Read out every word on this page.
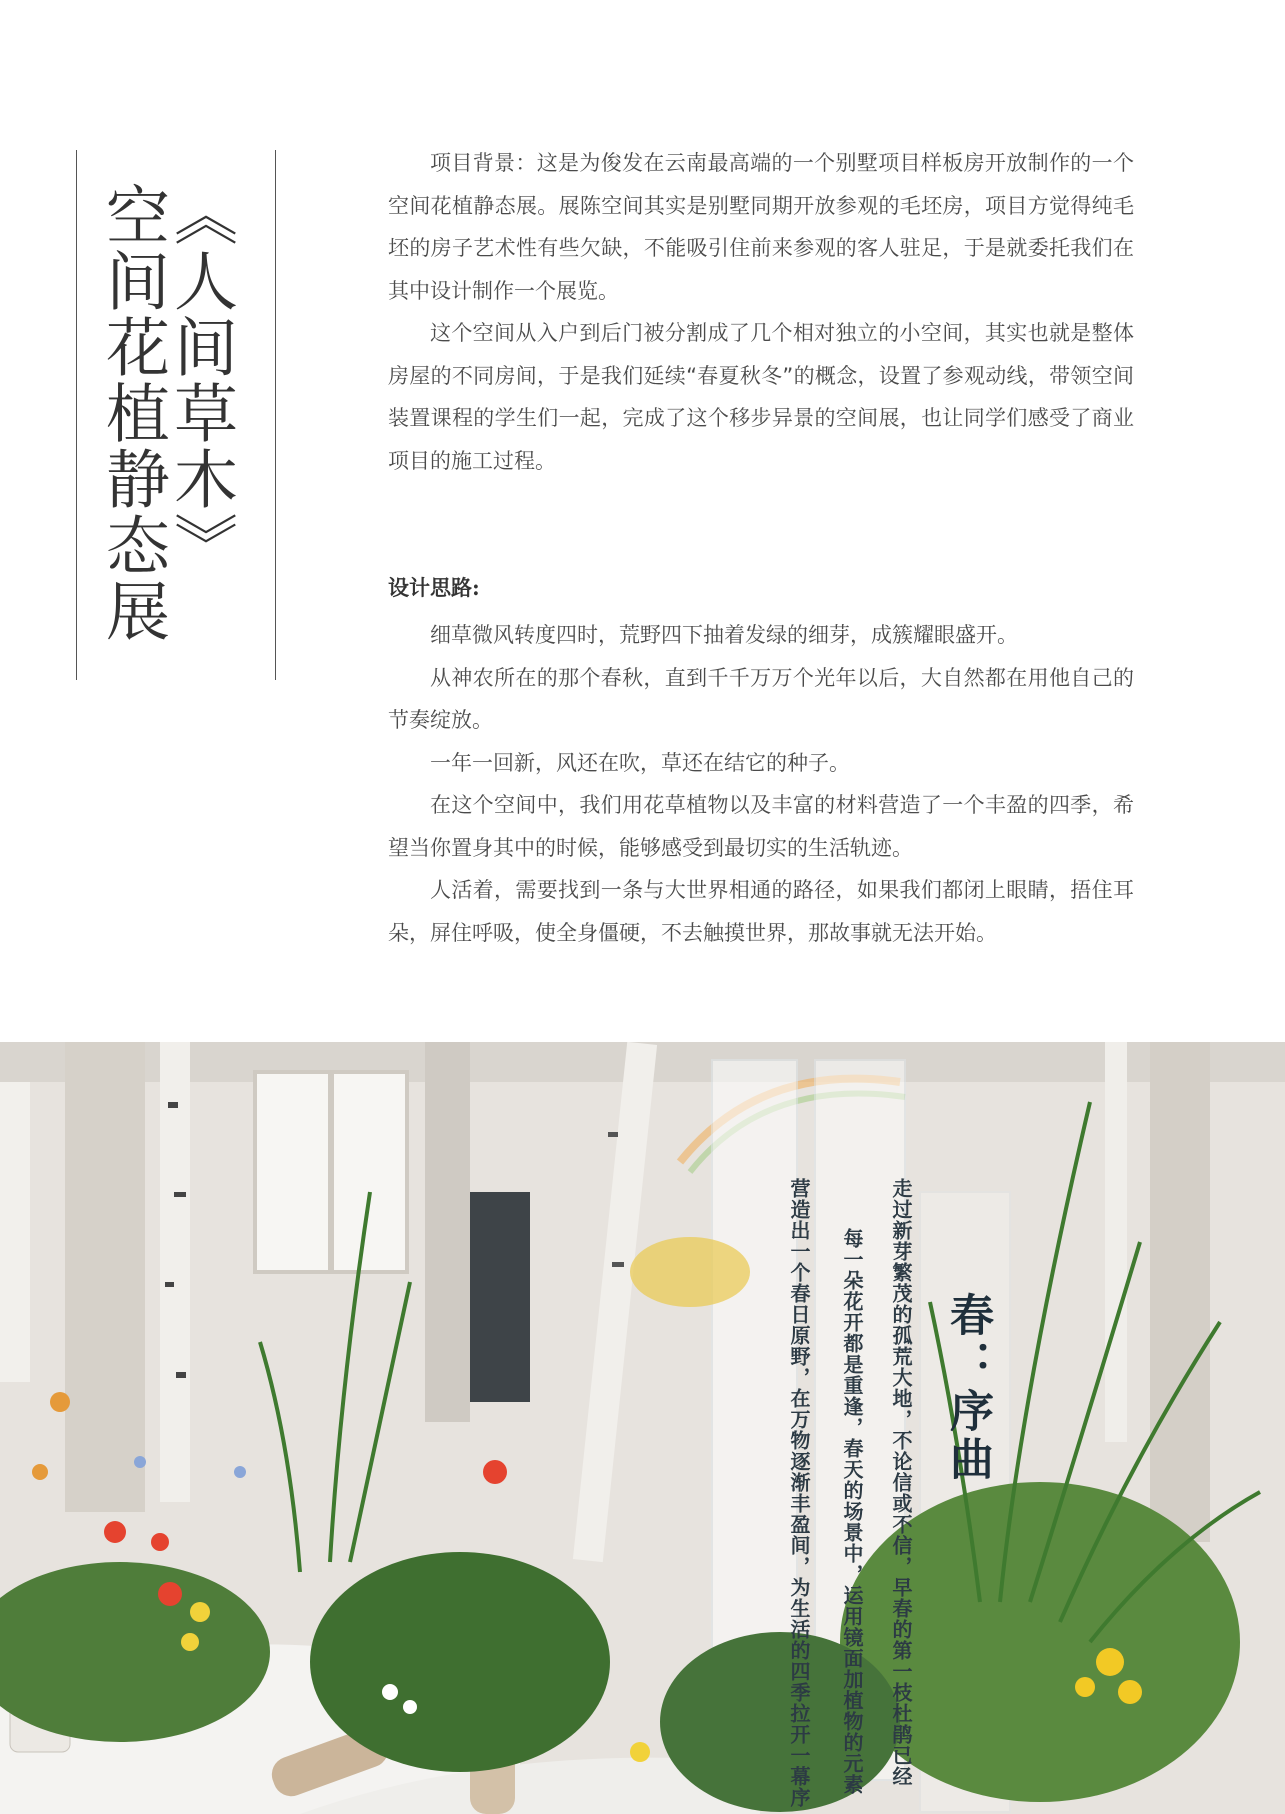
《人间草木》
空间花植静态展

项目背景：这是为俊发在云南最高端的一个别墅项目样板房开放制作的一个空间花植静态展。展陈空间其实是别墅同期开放参观的毛坯房，项目方觉得纯毛坯的房子艺术性有些欠缺，不能吸引住前来参观的客人驻足，于是就委托我们在其中设计制作一个展览。

这个空间从入户到后门被分割成了几个相对独立的小空间，其实也就是整体房屋的不同房间，于是我们延续“春夏秋冬”的概念，设置了参观动线，带领空间装置课程的学生们一起，完成了这个移步异景的空间展，也让同学们感受了商业项目的施工过程。

设计思路:

细草微风转度四时，荒野四下抽着发绿的细芽，成簇耀眼盛开。

从神农所在的那个春秋，直到千千万万个光年以后，大自然都在用他自己的节奏绽放。

一年一回新，风还在吹，草还在结它的种子。

在这个空间中，我们用花草植物以及丰富的材料营造了一个丰盈的四季，希望当你置身其中的时候，能够感受到最切实的生活轨迹。

人活着，需要找到一条与大世界相通的路径，如果我们都闭上眼睛，捂住耳朵，屏住呼吸，使全身僵硬，不去触摸世界，那故事就无法开始。

走过新芽繁茂的孤荒大地，不论信或不信，早春的第一枝杜鹃已经
每一朵花开都是重逢，春天的场景中，运用镜面加植物的元素
营造出一个春日原野，在万物逐渐丰盈间，为生活的四季拉开一幕序	春：序曲
